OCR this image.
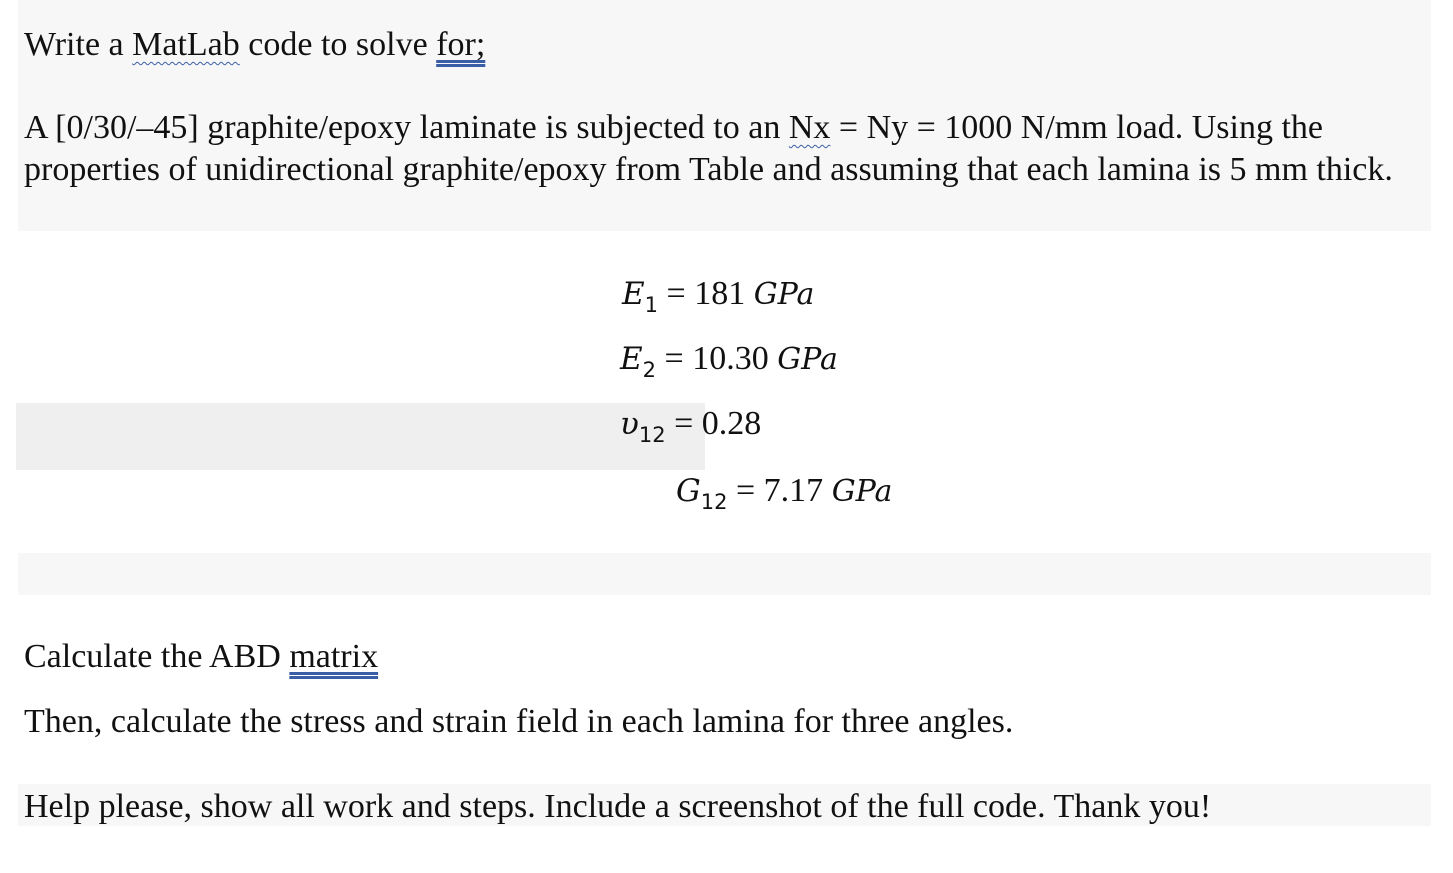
Write a MatLab code to solve for;
A [0/30/–45] graphite/epoxy laminate is subjected to an Nx = Ny = 1000 N/mm load. Using the properties of unidirectional graphite/epoxy from Table and assuming that each lamina is 5 mm thick.
$E_1 = 181$ GPa
$E_2 = 10.30$ GPa
$\upsilon_{12} = 0.28$
$G_{12} = 7.17$ GPa
Calculate the ABD matrix
Then, calculate the stress and strain field in each lamina for three angles.
Help please, show all work and steps. Include a screenshot of the full code. Thank you!
